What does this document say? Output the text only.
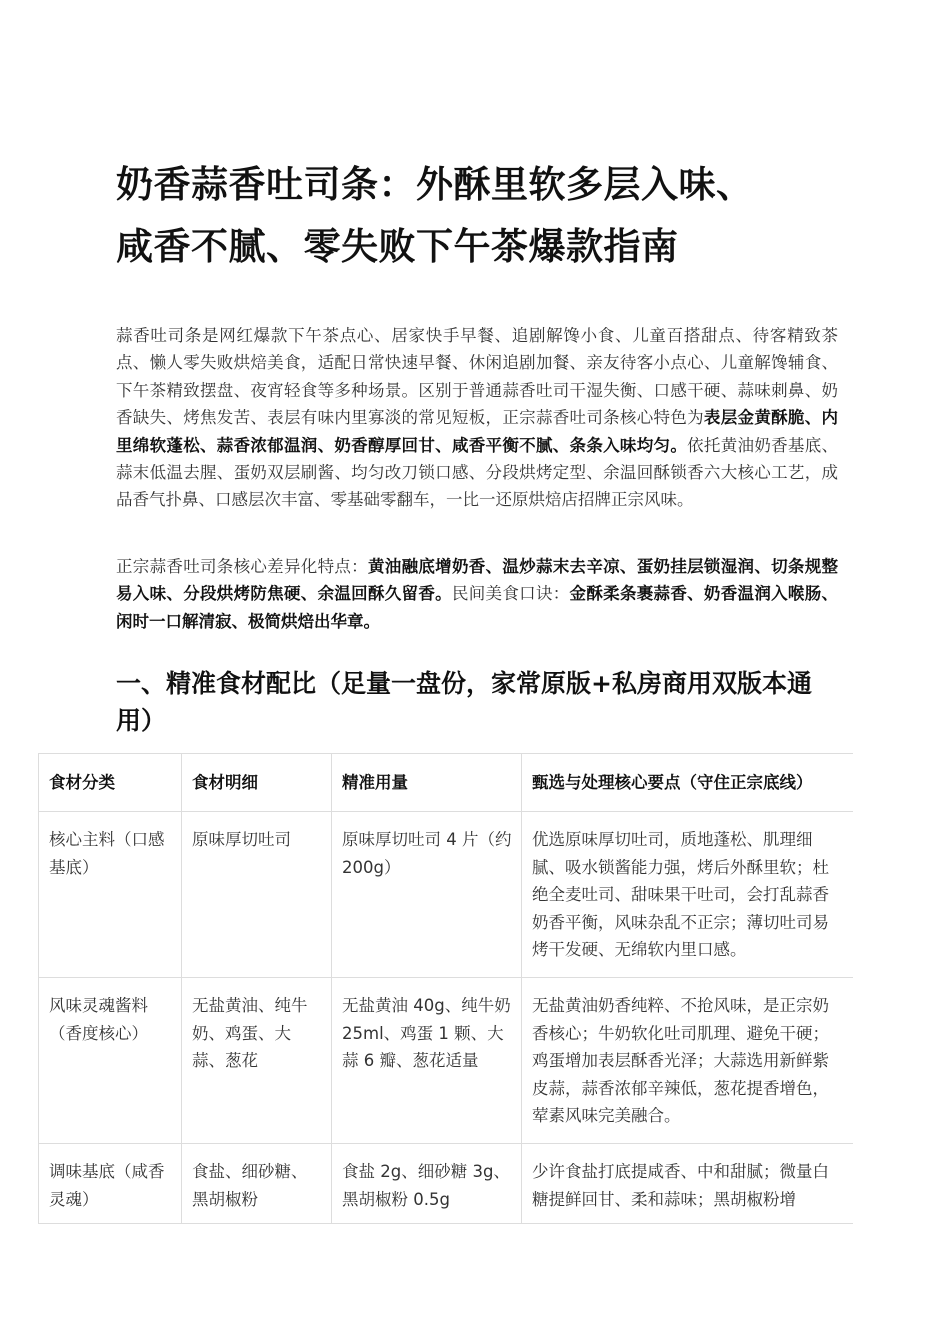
奶香蒜香吐司条：外酥里软多层入味、
咸香不腻、零失败下午茶爆款指南

蒜香吐司条是网红爆款下午茶点心、居家快手早餐、追剧解馋小食、儿童百搭甜点、待客精致茶点、懒人零失败烘焙美食，适配日常快速早餐、休闲追剧加餐、亲友待客小点心、儿童解馋辅食、下午茶精致摆盘、夜宵轻食等多种场景。区别于普通蒜香吐司干湿失衡、口感干硬、蒜味刺鼻、奶香缺失、烤焦发苦、表层有味内里寡淡的常见短板，正宗蒜香吐司条核心特色为表层金黄酥脆、内里绵软蓬松、蒜香浓郁温润、奶香醇厚回甘、咸香平衡不腻、条条入味均匀。依托黄油奶香基底、蒜末低温去腥、蛋奶双层刷酱、均匀改刀锁口感、分段烘烤定型、余温回酥锁香六大核心工艺，成品香气扑鼻、口感层次丰富、零基础零翻车，一比一还原烘焙店招牌正宗风味。

正宗蒜香吐司条核心差异化特点：黄油融底增奶香、温炒蒜末去辛凉、蛋奶挂层锁湿润、切条规整易入味、分段烘烤防焦硬、余温回酥久留香。民间美食口诀：金酥柔条裹蒜香、奶香温润入喉肠、闲时一口解清寂、极简烘焙出华章。

一、精准食材配比（足量一盘份，家常原版+私房商用双版本通用）
食材分类	食材明细	精准用量	甄选与处理核心要点（守住正宗底线）
核心主料（口感基底）	原味厚切吐司	原味厚切吐司 4 片（约 200g）	优选原味厚切吐司，质地蓬松、肌理细腻、吸水锁酱能力强，烤后外酥里软；杜绝全麦吐司、甜味果干吐司，会打乱蒜香奶香平衡，风味杂乱不正宗；薄切吐司易烤干发硬、无绵软内里口感。
风味灵魂酱料（香度核心）	无盐黄油、纯牛奶、鸡蛋、大蒜、葱花	无盐黄油 40g、纯牛奶 25ml、鸡蛋 1 颗、大蒜 6 瓣、葱花适量	无盐黄油奶香纯粹、不抢风味，是正宗奶香核心；牛奶软化吐司肌理、避免干硬；鸡蛋增加表层酥香光泽；大蒜选用新鲜紫皮蒜，蒜香浓郁辛辣低，葱花提香增色，荤素风味完美融合。
调味基底（咸香灵魂）	食盐、细砂糖、黑胡椒粉	食盐 2g、细砂糖 3g、黑胡椒粉 0.5g	少许食盐打底提咸香、中和甜腻；微量白糖提鲜回甘、柔和蒜味；黑胡椒粉增
